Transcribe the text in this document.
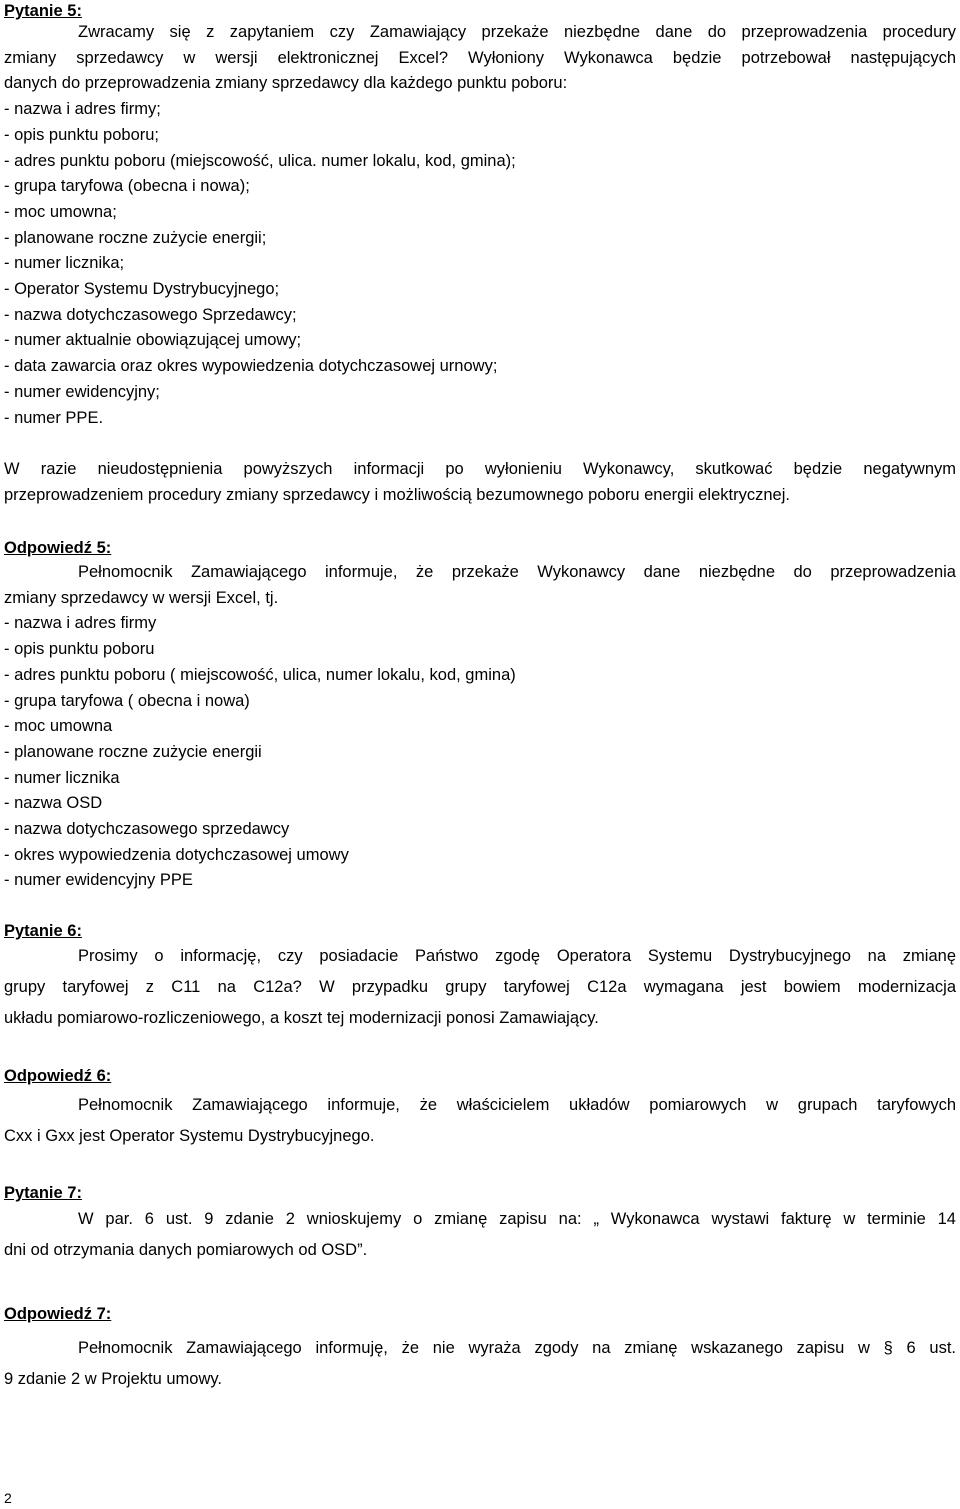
Pytanie 5:
Zwracamy się z zapytaniem czy Zamawiający przekaże niezbędne dane do przeprowadzenia procedury
zmiany sprzedawcy w wersji elektronicznej Excel? Wyłoniony Wykonawca będzie potrzebował następujących
danych do przeprowadzenia zmiany sprzedawcy dla każdego punktu poboru:
- nazwa i adres firmy;
- opis punktu poboru;
- adres punktu poboru (miejscowość, ulica. numer lokalu, kod, gmina);
- grupa taryfowa (obecna i nowa);
- moc umowna;
- planowane roczne zużycie energii;
- numer licznika;
- Operator Systemu Dystrybucyjnego;
- nazwa dotychczasowego Sprzedawcy;
- numer aktualnie obowiązującej umowy;
- data zawarcia oraz okres wypowiedzenia dotychczasowej urnowy;
- numer ewidencyjny;
- numer PPE.
W razie nieudostępnienia powyższych informacji po wyłonieniu Wykonawcy, skutkować będzie negatywnym
przeprowadzeniem procedury zmiany sprzedawcy i możliwością bezumownego poboru energii elektrycznej.
Odpowiedź 5:
Pełnomocnik Zamawiającego informuje, że przekaże Wykonawcy dane niezbędne do przeprowadzenia
zmiany sprzedawcy w wersji Excel, tj.
- nazwa i adres firmy
- opis punktu poboru
- adres punktu poboru ( miejscowość, ulica, numer lokalu, kod, gmina)
- grupa taryfowa ( obecna i nowa)
- moc umowna
- planowane roczne zużycie energii
- numer licznika
- nazwa OSD
- nazwa dotychczasowego sprzedawcy
- okres wypowiedzenia dotychczasowej umowy
- numer ewidencyjny PPE
Pytanie 6:
Prosimy o informację, czy posiadacie Państwo zgodę Operatora Systemu Dystrybucyjnego na zmianę
grupy taryfowej z C11 na C12a? W przypadku grupy taryfowej C12a wymagana jest bowiem modernizacja
układu pomiarowo-rozliczeniowego, a koszt tej modernizacji ponosi Zamawiający.
Odpowiedź 6:
Pełnomocnik Zamawiającego informuje, że właścicielem układów pomiarowych w grupach taryfowych
Cxx i Gxx jest Operator Systemu Dystrybucyjnego.
Pytanie 7:
W par. 6 ust. 9 zdanie 2 wnioskujemy o zmianę zapisu na: „ Wykonawca wystawi fakturę w terminie 14
dni od otrzymania danych pomiarowych od OSD”.
Odpowiedź 7:
Pełnomocnik Zamawiającego informuję, że nie wyraża zgody na zmianę wskazanego zapisu w § 6 ust.
9 zdanie 2 w Projektu umowy.
2
